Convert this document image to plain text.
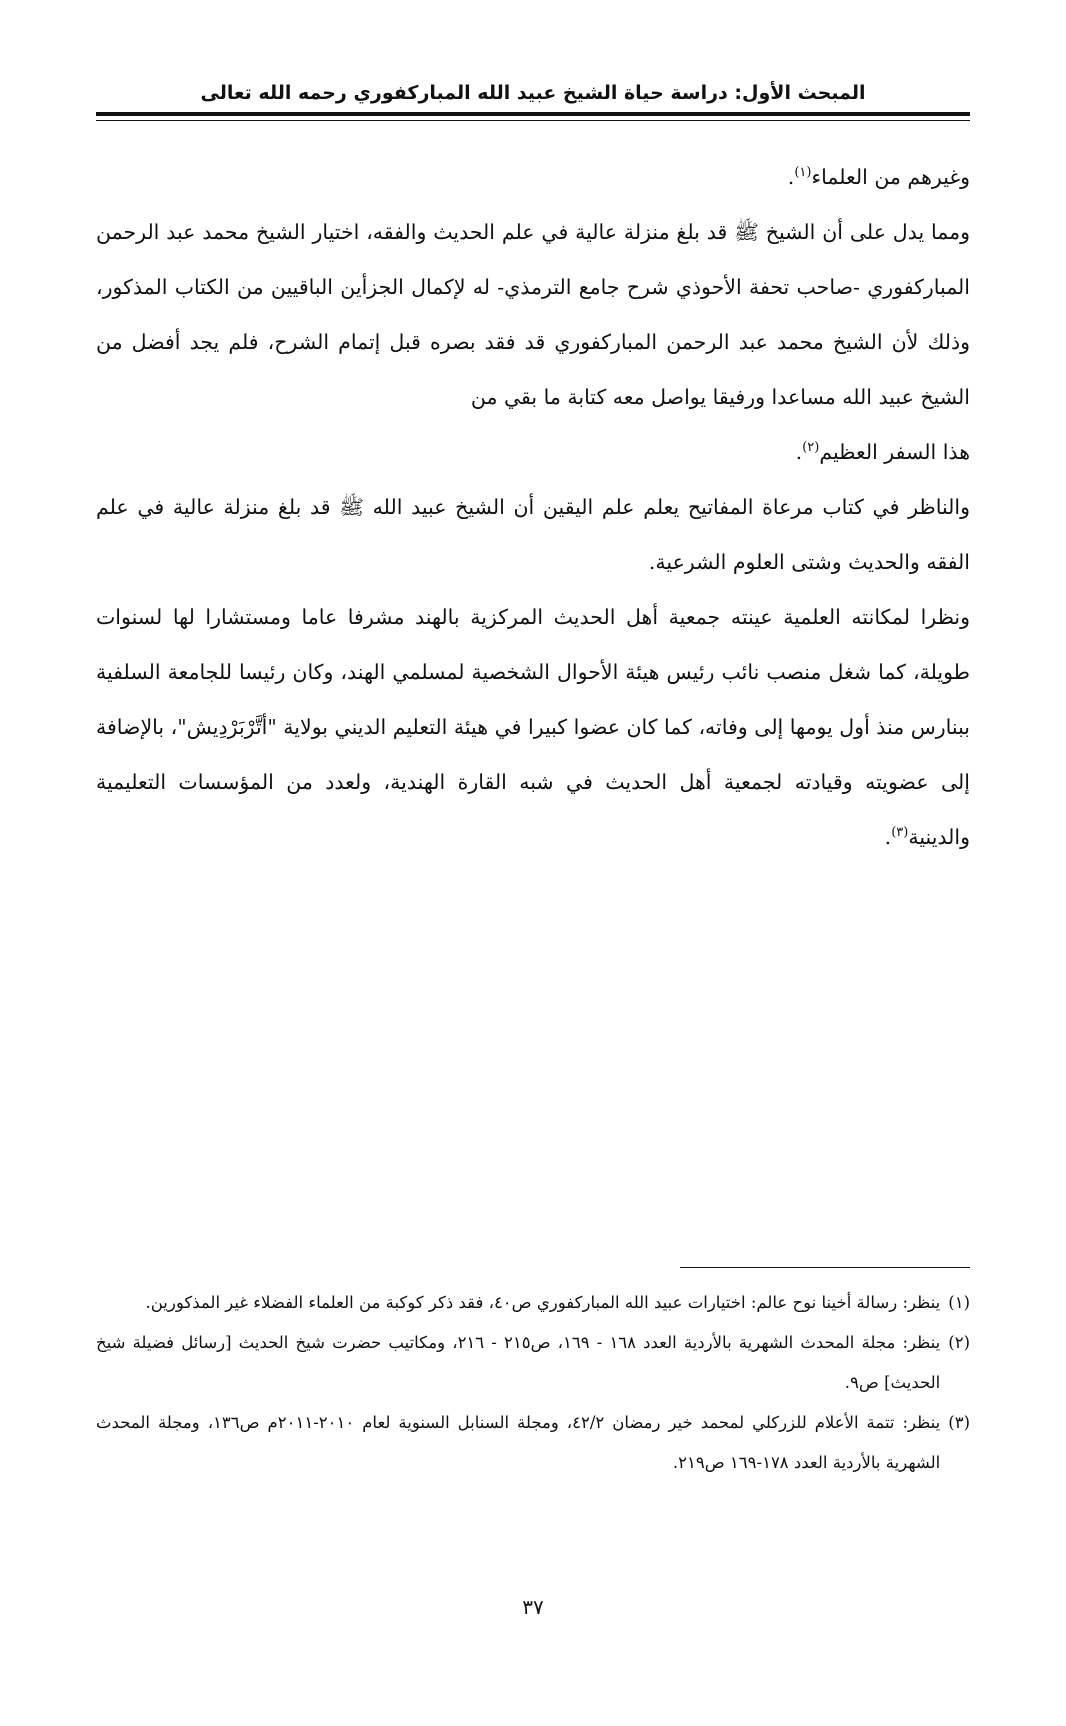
المبحث الأول: دراسة حياة الشيخ عبيد الله المباركفوري رحمه الله تعالى

وغيرهم من العلماء$^{(١)}$.

ومما يدل على أن الشيخ ﷺ قد بلغ منزلة عالية في علم الحديث والفقه، اختيار الشيخ محمد عبد الرحمن المباركفوري -صاحب تحفة الأحوذي شرح جامع الترمذي- له لإكمال الجزأين الباقيين من الكتاب المذكور، وذلك لأن الشيخ محمد عبد الرحمن المباركفوري قد فقد بصره قبل إتمام الشرح، فلم يجد أفضل من الشيخ عبيد الله مساعدا ورفيقا يواصل معه كتابة ما بقي من
هذا السفر العظيم$^{(٢)}$.

والناظر في كتاب مرعاة المفاتيح يعلم علم اليقين أن الشيخ عبيد الله ﷺ قد بلغ منزلة عالية في علم الفقه والحديث وشتى العلوم الشرعية.

ونظرا لمكانته العلمية عينته جمعية أهل الحديث المركزية بالهند مشرفا عاما ومستشارا لها لسنوات طويلة، كما شغل منصب نائب رئيس هيئة الأحوال الشخصية لمسلمي الهند، وكان رئيسا للجامعة السلفية ببنارس منذ أول يومها إلى وفاته، كما كان عضوا كبيرا في هيئة التعليم الديني بولاية "أتَّرْبَرْدِيش"، بالإضافة إلى عضويته وقيادته لجمعية أهل الحديث في شبه القارة الهندية، ولعدد من المؤسسات التعليمية والدينية$^{(٣)}$.

(١)
ينظر: رسالة أخينا نوح عالم: اختيارات عبيد الله المباركفوري ص٤٠، فقد ذكر كوكبة من العلماء الفضلاء غير المذكورين.
(٢)
ينظر: مجلة المحدث الشهرية بالأردية العدد ١٦٨ - ١٦٩، ص٢١٥ - ٢١٦، ومكاتيب حضرت شيخ الحديث [رسائل فضيلة شيخ الحديث] ص٩.
(٣)
ينظر: تتمة الأعلام للزركلي لمحمد خير رمضان ٤٢/٢، ومجلة السنابل السنوية لعام ٢٠١٠-٢٠١١م ص١٣٦، ومجلة المحدث الشهرية بالأردية العدد ١٧٨-١٦٩ ص٢١٩.
٣٧
